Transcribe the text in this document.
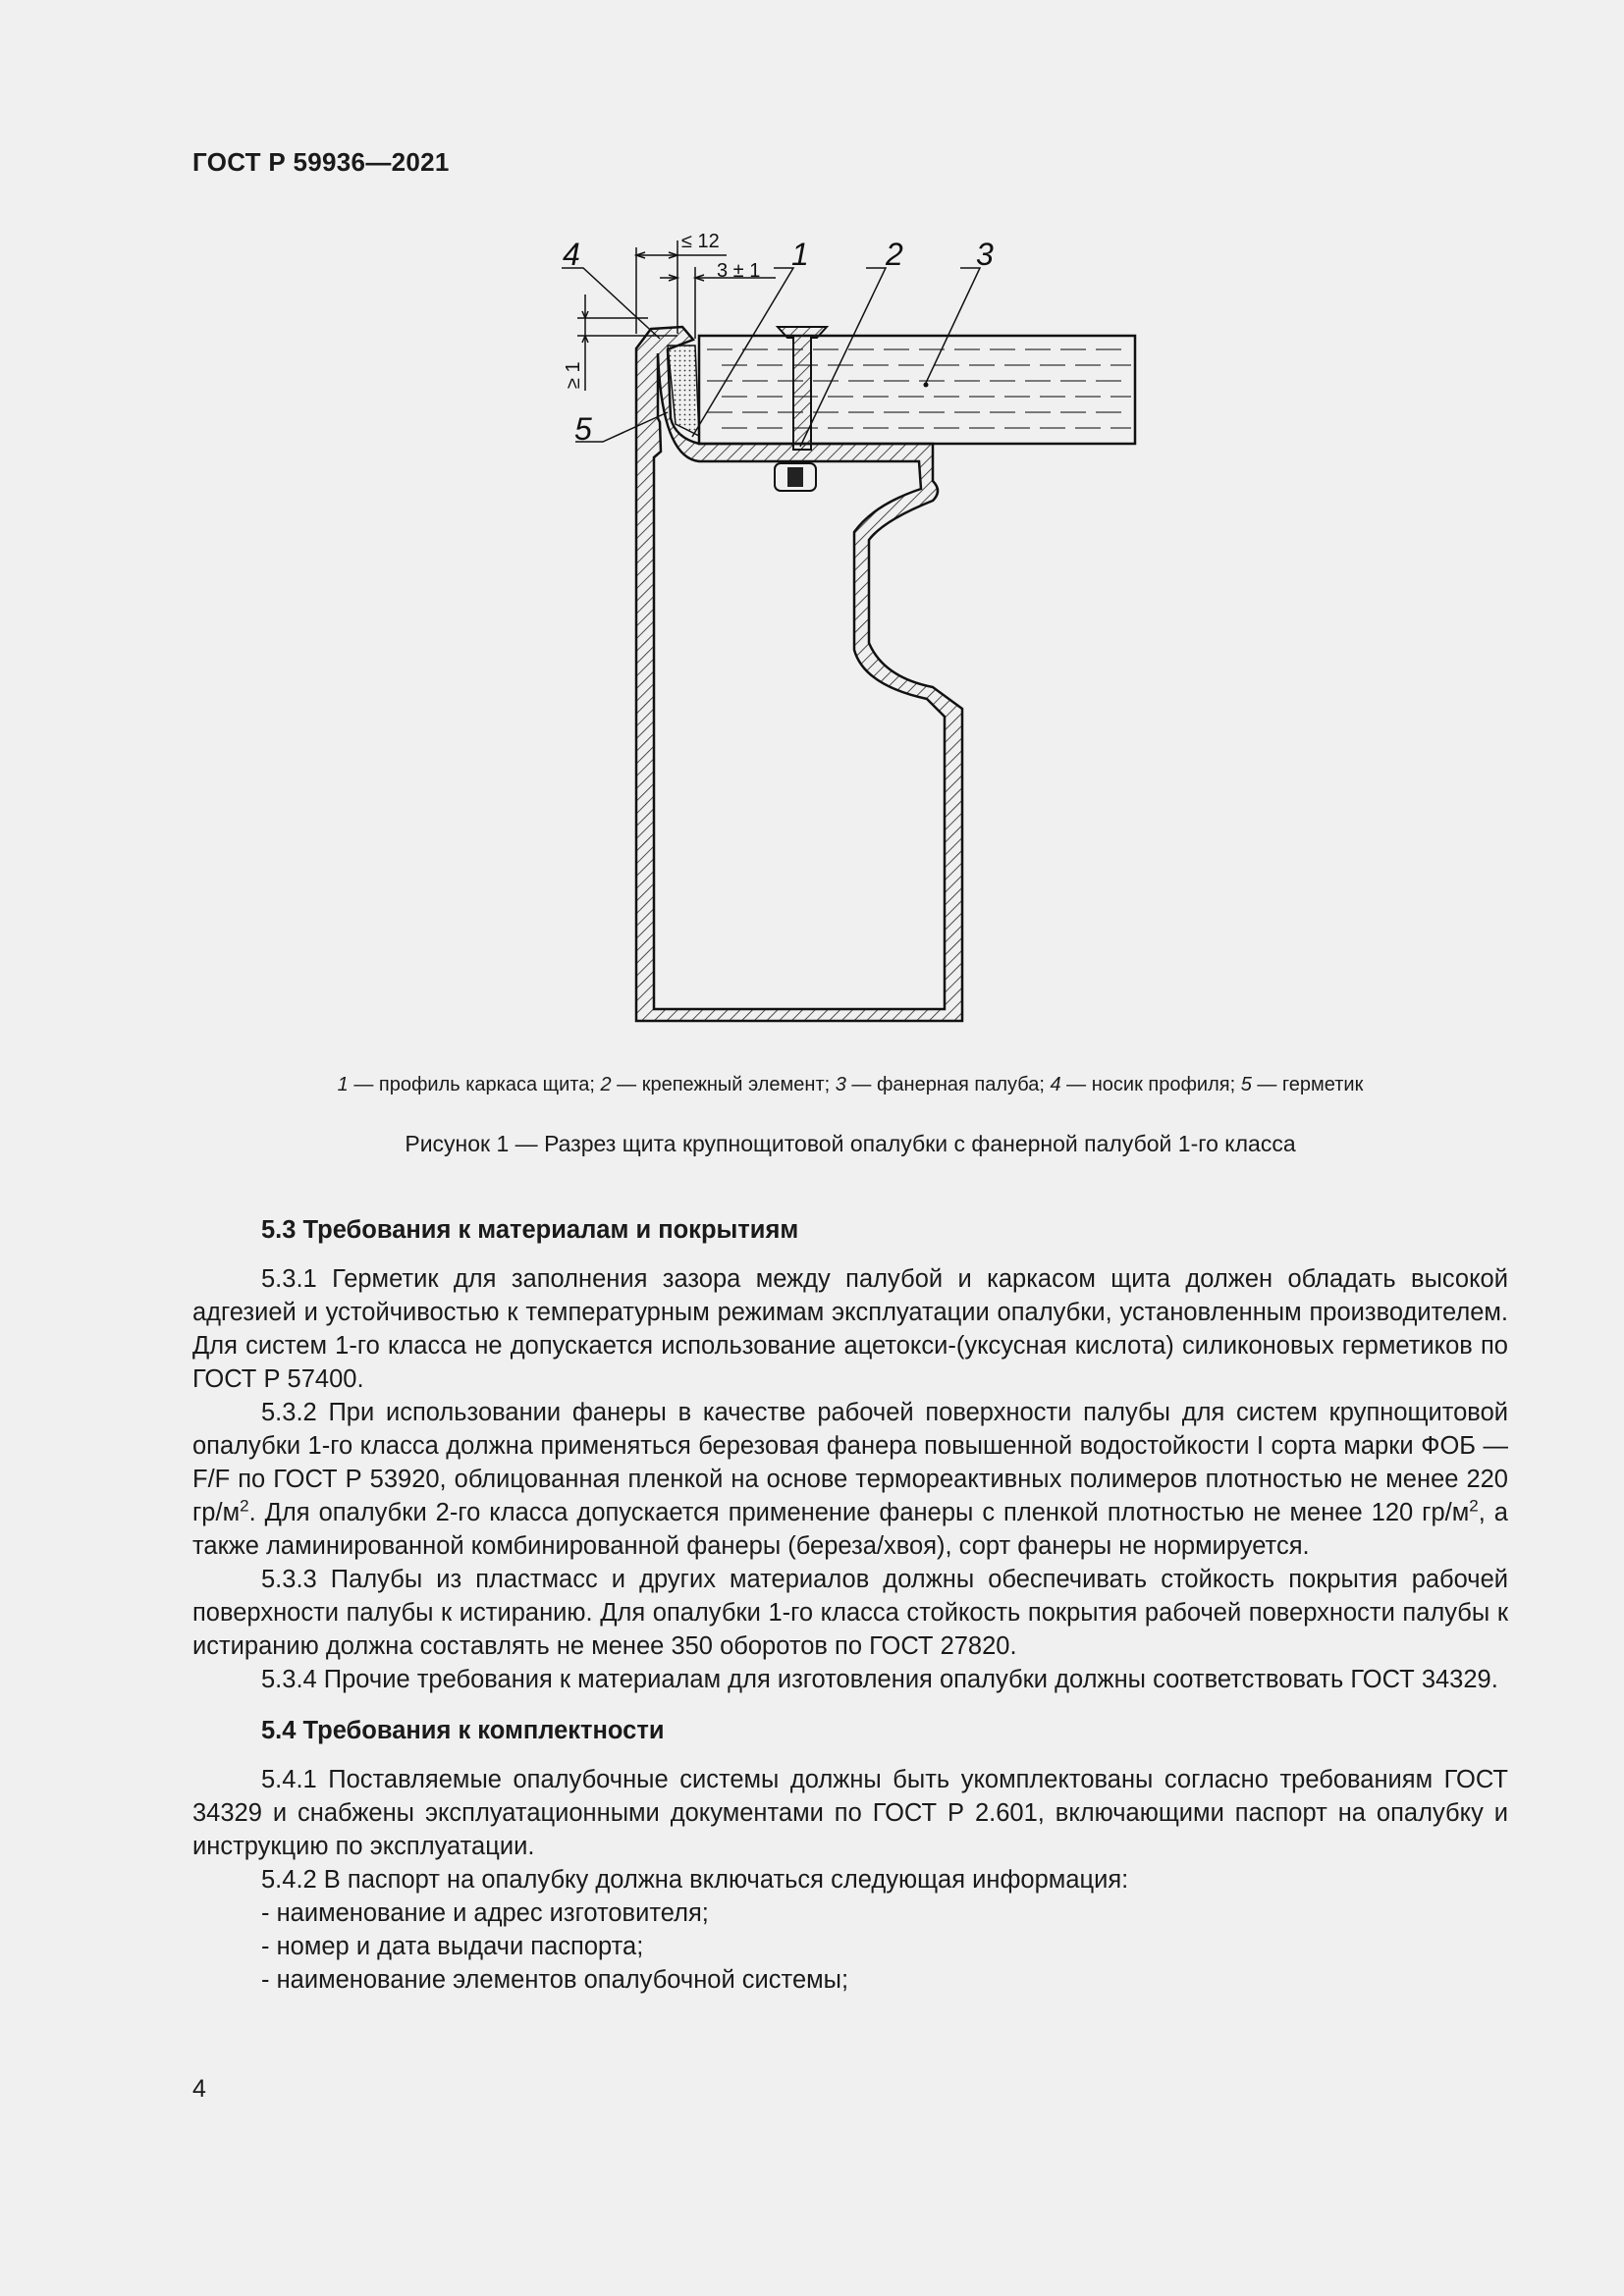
ГОСТ Р 59936—2021
4	1 2 3
5
≤ 12
3 ± 1
≥ 1
1 — профиль каркаса щита; 2 — крепежный элемент; 3 — фанерная палуба; 4 — носик профиля; 5 — герметик
Рисунок 1 — Разрез щита крупнощитовой опалубки с фанерной палубой 1-го класса

5.3 Требования к материалам и покрытиям

5.3.1 Герметик для заполнения зазора между палубой и каркасом щита должен обладать высокой адгезией и устойчивостью к температурным режимам эксплуатации опалубки, установленным производителем. Для систем 1-го класса не допускается использование ацетокси-(уксусная кислота) силиконовых герметиков по ГОСТ Р 57400.

5.3.2 При использовании фанеры в качестве рабочей поверхности палубы для систем крупнощитовой опалубки 1-го класса должна применяться березовая фанера повышенной водостойкости I сорта марки ФОБ — F/F по ГОСТ Р 53920, облицованная пленкой на основе термореактивных полимеров плотностью не менее 220 $гр/м^2$. Для опалубки 2-го класса допускается применение фанеры с пленкой плотностью не менее 120 $гр/м^2$, а также ламинированной комбинированной фанеры (береза/хвоя), сорт фанеры не нормируется.

5.3.3 Палубы из пластмасс и других материалов должны обеспечивать стойкость покрытия рабочей поверхности палубы к истиранию. Для опалубки 1-го класса стойкость покрытия рабочей поверхности палубы к истиранию должна составлять не менее 350 оборотов по ГОСТ 27820.

5.3.4 Прочие требования к материалам для изготовления опалубки должны соответствовать ГОСТ 34329.

5.4 Требования к комплектности

5.4.1 Поставляемые опалубочные системы должны быть укомплектованы согласно требованиям ГОСТ 34329 и снабжены эксплуатационными документами по ГОСТ Р 2.601, включающими паспорт на опалубку и инструкцию по эксплуатации.

5.4.2 В паспорт на опалубку должна включаться следующая информация:

- наименование и адрес изготовителя;

- номер и дата выдачи паспорта;

- наименование элементов опалубочной системы;

4
